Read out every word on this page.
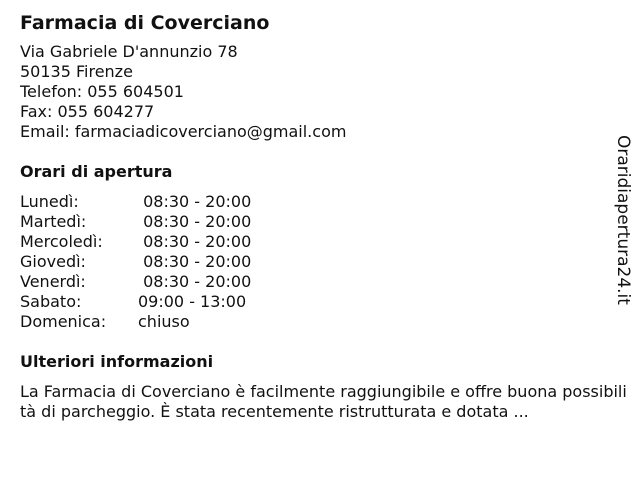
Farmacia di Coverciano
Via Gabriele D'annunzio 78
50135 Firenze
Telefon: 055 604501
Fax: 055 604277
Email: farmaciadicoverciano@gmail.com
Orari di apertura
Lunedì:	08:30 - 20:00
Martedì:	08:30 - 20:00
Mercoledì:	08:30 - 20:00
Giovedì:	08:30 - 20:00
Venerdì:	08:30 - 20:00
Sabato:	09:00 - 13:00
Domenica:	chiuso
Ulteriori informazioni
La Farmacia di Coverciano è facilmente raggiungibile e offre buona possibilità di parcheggio. È stata recentemente ristrutturata e dotata ...
Oraridiapertura24.it
